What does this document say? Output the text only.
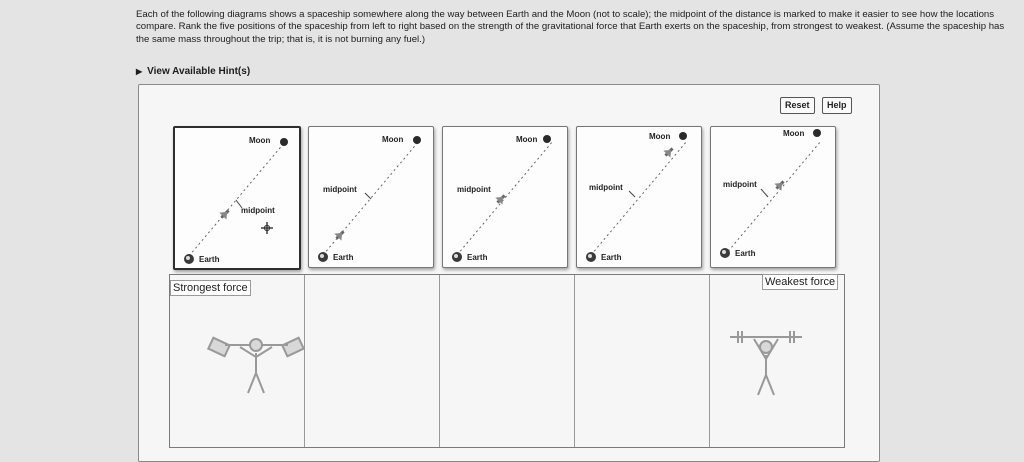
Each of the following diagrams shows a spaceship somewhere along the way between Earth and the Moon (not to scale); the midpoint of the distance is marked to make it easier to see how the locations compare. Rank the five positions of the spaceship from left to right based on the strength of the gravitational force that Earth exerts on the spaceship, from strongest to weakest. (Assume the spaceship has the same mass throughout the trip; that is, it is not burning any fuel.)
▶ View Available Hint(s)
Reset	Help
Moon
midpoint
Earth
Moon
midpoint
Earth
Moon
midpoint
Earth
Moon
midpoint
Earth
Moon
midpoint
Earth
Strongest force	Weakest force
